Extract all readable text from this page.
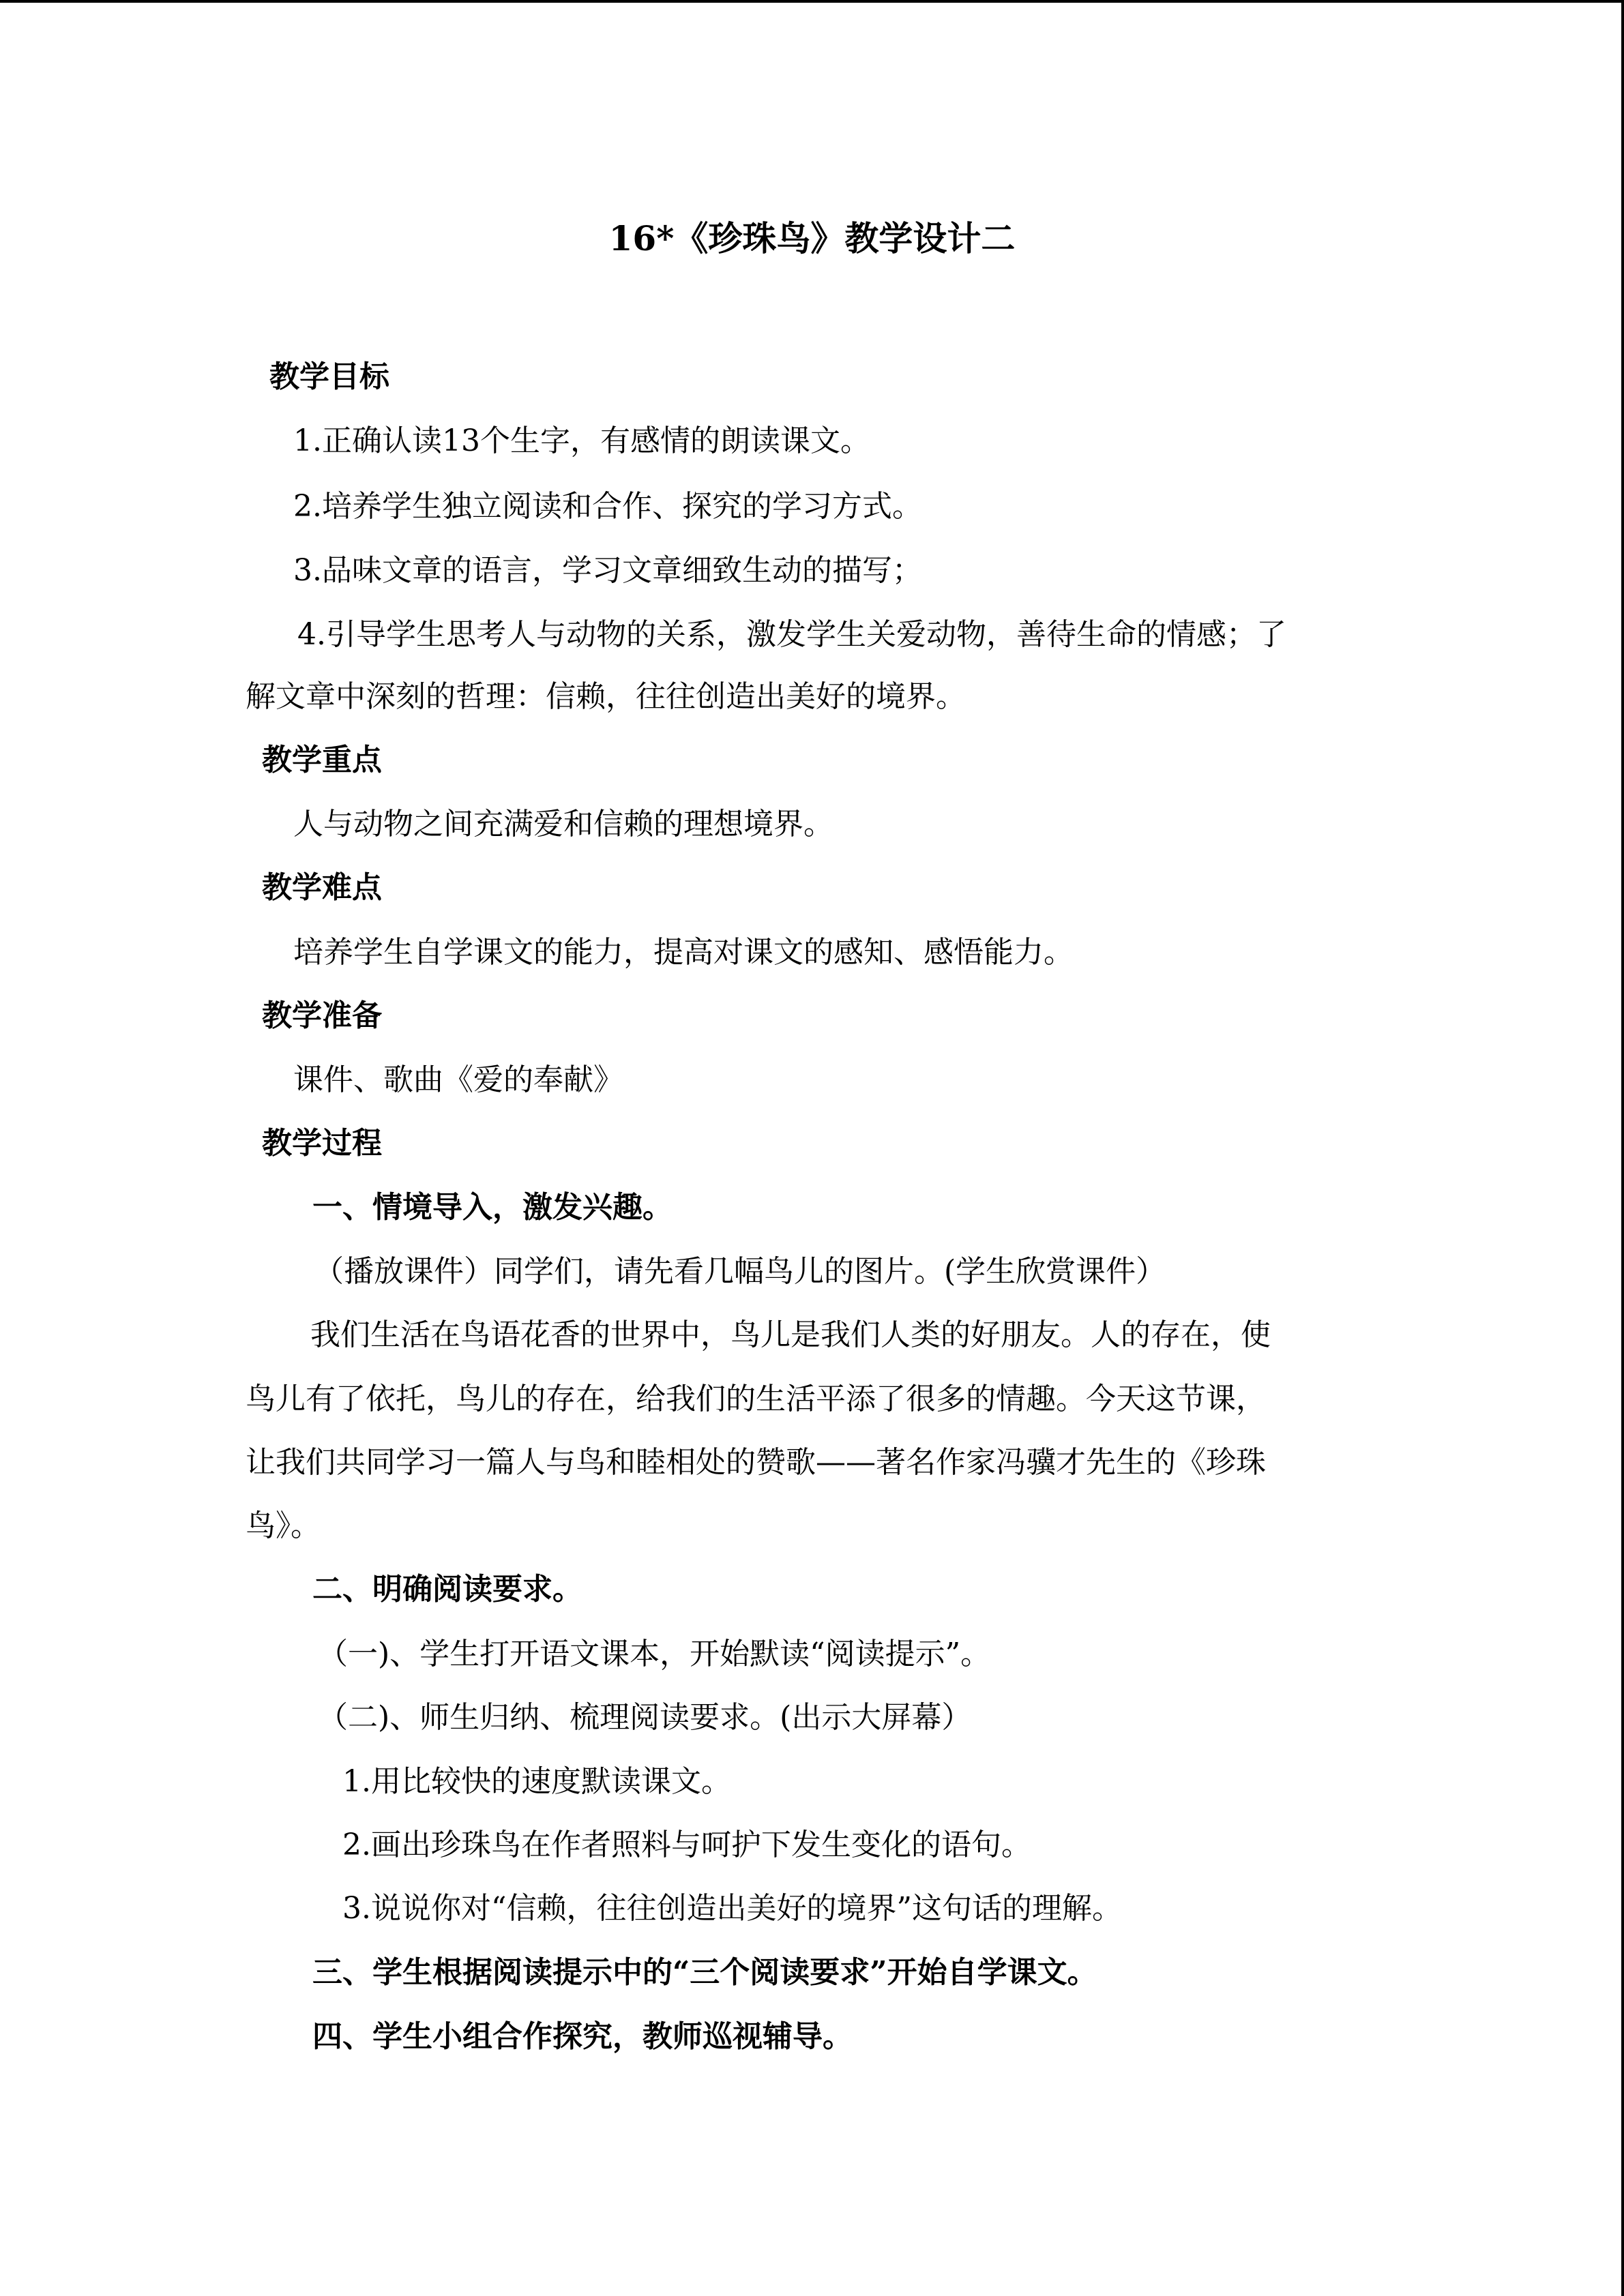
16*《珍珠鸟》教学设计二
教学目标
1.正确认读13个生字，有感情的朗读课文。
2.培养学生独立阅读和合作、探究的学习方式。
3.品味文章的语言，学习文章细致生动的描写；
4.引导学生思考人与动物的关系，激发学生关爱动物，善待生命的情感；了
解文章中深刻的哲理：信赖，往往创造出美好的境界。
教学重点
人与动物之间充满爱和信赖的理想境界。
教学难点
培养学生自学课文的能力，提高对课文的感知、感悟能力。
教学准备
课件、歌曲《爱的奉献》
教学过程
一、情境导入，激发兴趣。
（播放课件）同学们，请先看几幅鸟儿的图片。(学生欣赏课件）
我们生活在鸟语花香的世界中，鸟儿是我们人类的好朋友。人的存在，使
鸟儿有了依托，鸟儿的存在，给我们的生活平添了很多的情趣。今天这节课，
让我们共同学习一篇人与鸟和睦相处的赞歌——著名作家冯骥才先生的《珍珠
鸟》。
二、明确阅读要求。
（一)、学生打开语文课本，开始默读“阅读提示”。
（二)、师生归纳、梳理阅读要求。(出示大屏幕）
1.用比较快的速度默读课文。
2.画出珍珠鸟在作者照料与呵护下发生变化的语句。
3.说说你对“信赖，往往创造出美好的境界”这句话的理解。
三、学生根据阅读提示中的“三个阅读要求”开始自学课文。
四、学生小组合作探究，教师巡视辅导。
